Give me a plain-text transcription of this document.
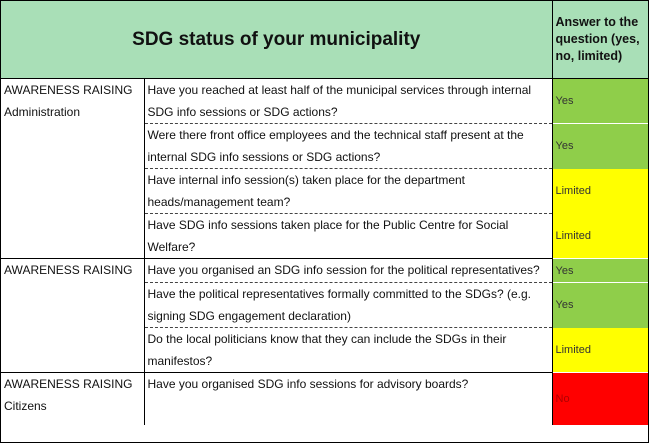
SDG status of your municipality		Answer to the question (yes, no, limited)

AWARENESS RAISING
Administration	Have you reached at least half of the municipal services through internal SDG info sessions or SDG actions?	Yes
	Were there front office employees and the technical staff present at the internal SDG info sessions or SDG actions?	Yes
	Have internal info session(s) taken place for the department heads/management team?	Limited
	Have SDG info sessions taken place for the Public Centre for Social Welfare?	Limited

AWARENESS RAISING	Have you organised an SDG info session for the political representatives?	Yes
	Have the political representatives formally committed to the SDGs? (e.g. signing SDG engagement declaration)	Yes
	Do the local politicians know that they can include the SDGs in their manifestos?	Limited

AWARENESS RAISING
Citizens	Have you organised SDG info sessions for advisory boards?	No
